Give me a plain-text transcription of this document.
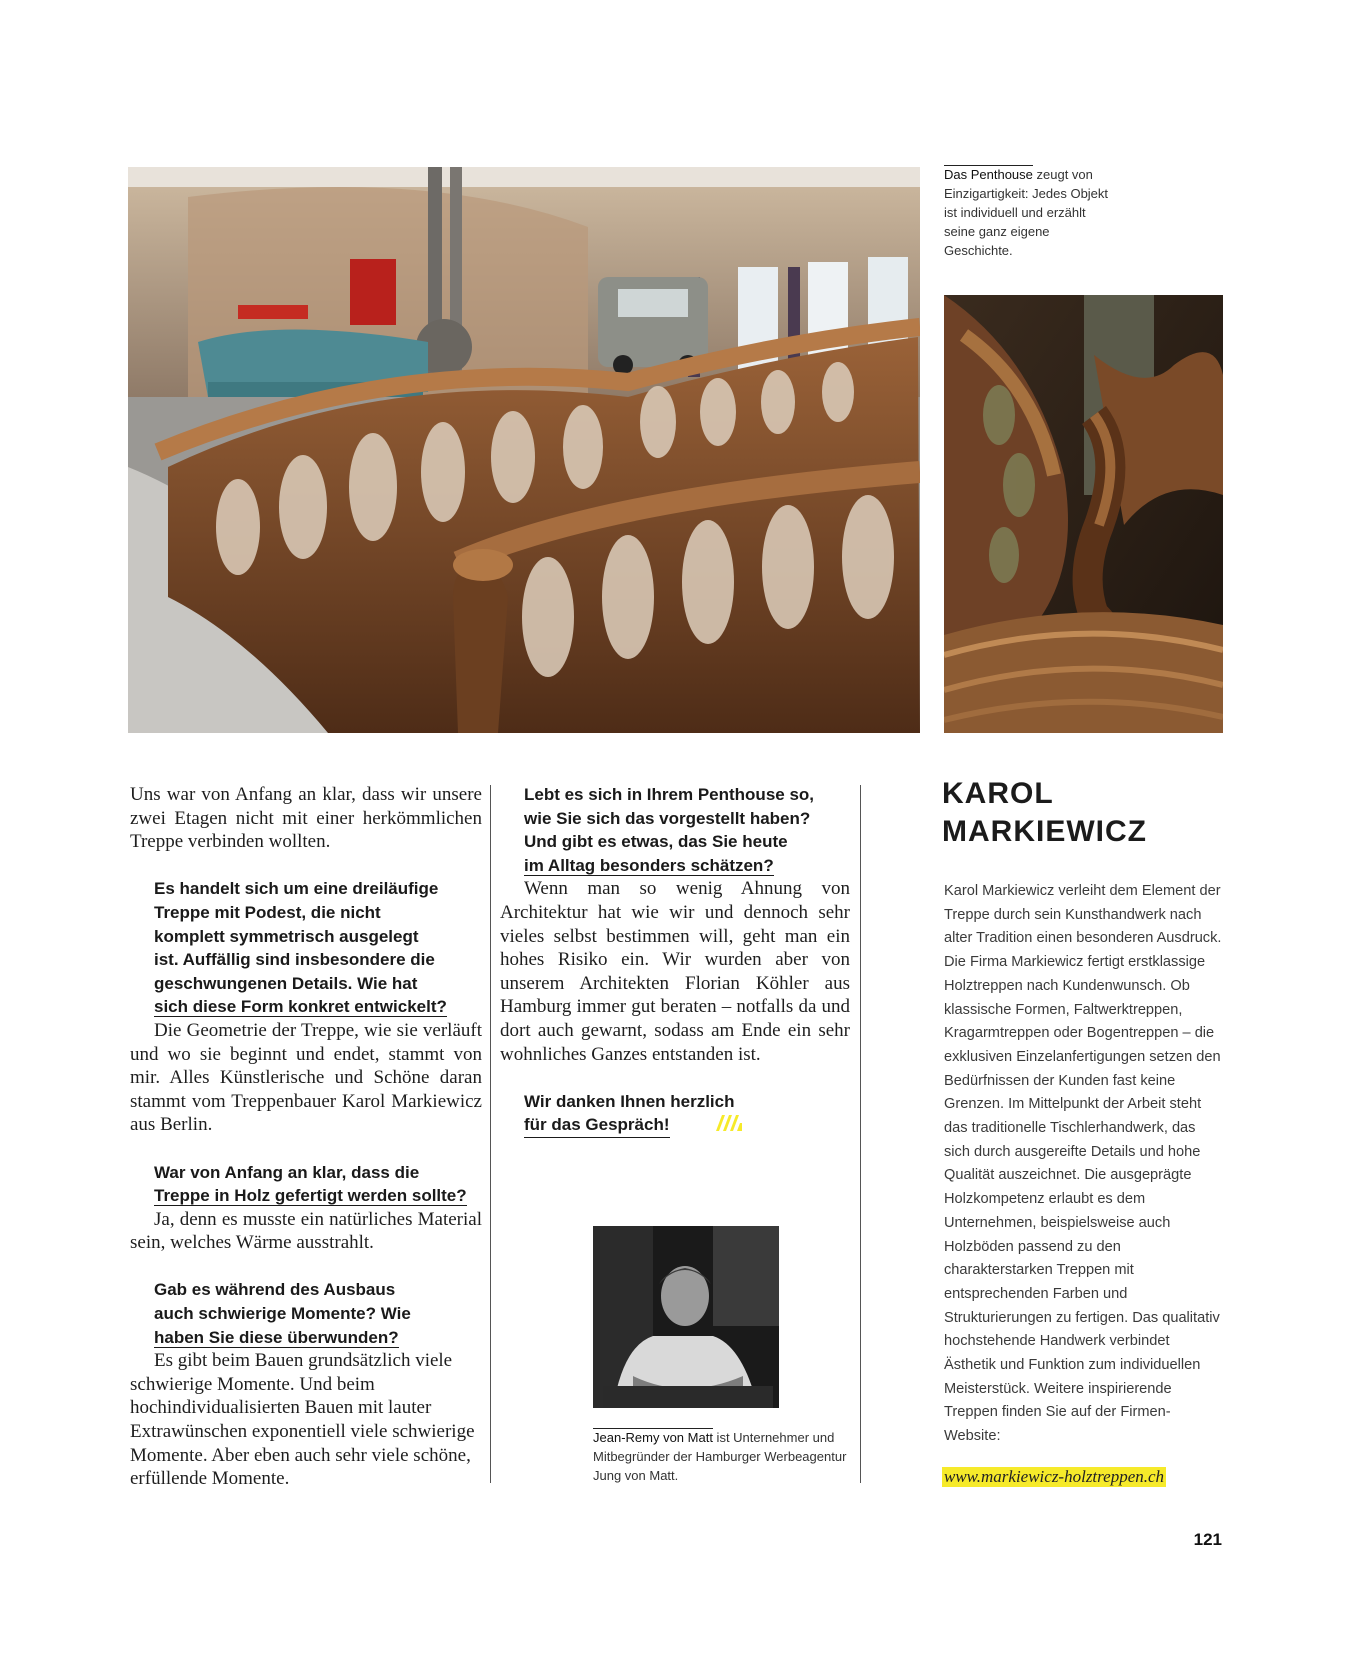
Das Penthouse zeugt von Einzigartigkeit: Jedes Objekt ist individuell und erzählt seine ganz eigene Geschichte.

Uns war von Anfang an klar, dass wir unsere zwei Etagen nicht mit einer herkömmlichen Treppe verbinden wollten.

Es handelt sich um eine dreiläufige
Treppe mit Podest, die nicht
komplett symmetrisch ausgelegt
ist. Auffällig sind insbesondere die
geschwungenen Details. Wie hat
sich diese Form konkret entwickelt?

Die Geometrie der Treppe, wie sie verläuft und wo sie beginnt und endet, stammt von mir. Alles Künstlerische und Schöne daran stammt vom Treppenbauer Karol Markiewicz aus Berlin.

War von Anfang an klar, dass die
Treppe in Holz gefertigt werden sollte?

Ja, denn es musste ein natürliches Material sein, welches Wärme ausstrahlt.

Gab es während des Ausbaus
auch schwierige Momente? Wie
haben Sie diese überwunden?

Es gibt beim Bauen grundsätzlich viele schwierige Momente. Und beim hochindividualisierten Bauen mit lauter Extrawünschen exponentiell viele schwierige Momente. Aber eben auch sehr viele schöne, erfüllende Momente.

Lebt es sich in Ihrem Penthouse so,
wie Sie sich das vorgestellt haben?
Und gibt es etwas, das Sie heute
im Alltag besonders schätzen?

Wenn man so wenig Ahnung von Architektur hat wie wir und dennoch sehr vieles selbst bestimmen will, geht man ein hohes Risiko ein. Wir wurden aber von unserem Architekten Florian Köhler aus Hamburg immer gut beraten – notfalls da und dort auch gewarnt, sodass am Ende ein sehr wohnliches Ganzes entstanden ist.

Wir danken Ihnen herzlich
für das Gespräch!
Jean-Remy von Matt ist Unternehmer und Mitbegründer der Hamburger Werbeagentur Jung von Matt.
KAROL
MARKIEWICZ
Karol Markiewicz verleiht dem Element der Treppe durch sein Kunsthandwerk nach alter Tradition einen besonderen Ausdruck. Die Firma Markiewicz fertigt erstklassige Holztreppen nach Kundenwunsch. Ob klassische Formen, Faltwerktreppen, Kragarmtreppen oder Bogentreppen – die exklusiven Einzelanfertigungen setzen den Bedürfnissen der Kunden fast keine Grenzen. Im Mittelpunkt der Arbeit steht das traditionelle Tischlerhandwerk, das sich durch ausgereifte Details und hohe Qualität auszeichnet. Die ausgeprägte Holzkompetenz erlaubt es dem Unternehmen, beispielsweise auch Holzböden passend zu den charakterstarken Treppen mit entsprechenden Farben und Strukturierungen zu fertigen. Das qualitativ hochstehende Handwerk verbindet Ästhetik und Funktion zum individuellen Meisterstück. Weitere inspirierende Treppen finden Sie auf der Firmen-Website:
www.markiewicz-holztreppen.ch
121
